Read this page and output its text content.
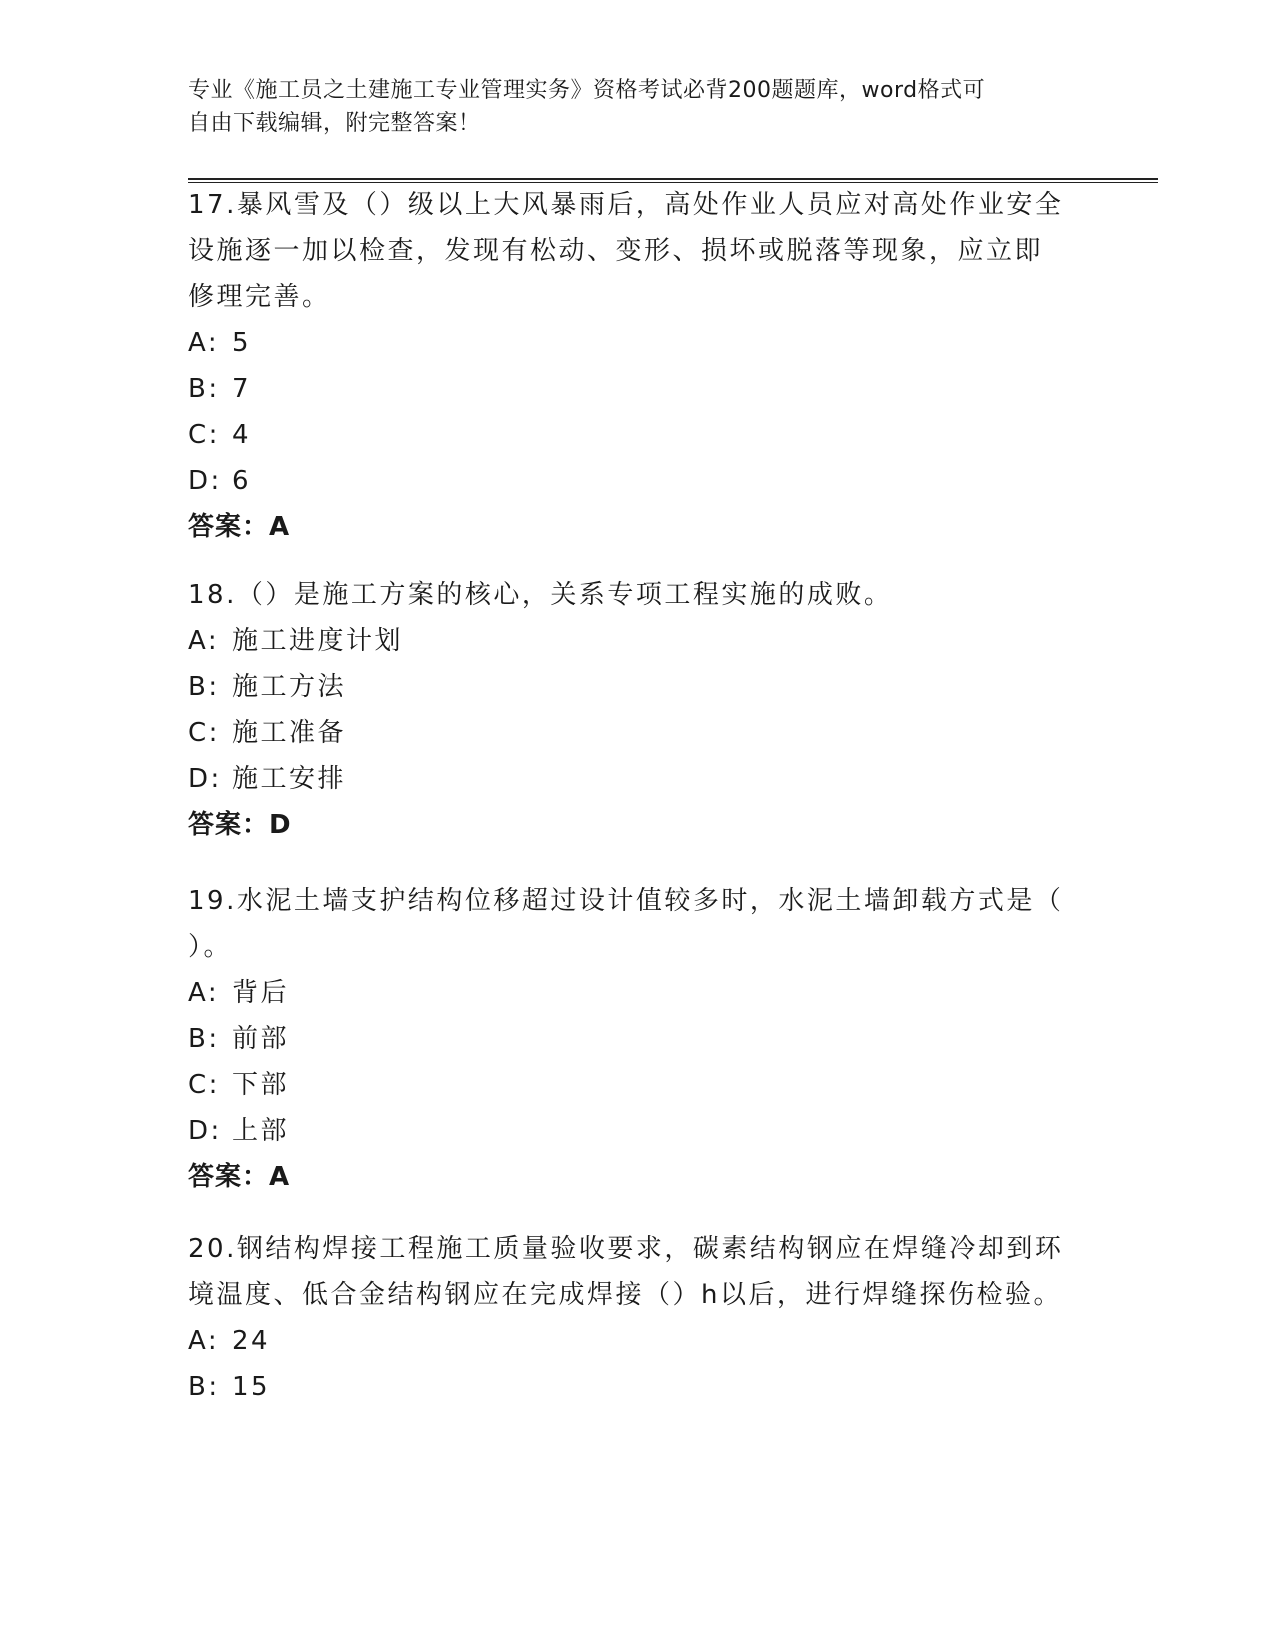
专业《施工员之土建施工专业管理实务》资格考试必背200题题库，word格式可
自由下载编辑，附完整答案！

17.暴风雪及（）级以上大风暴雨后，高处作业人员应对高处作业安全

设施逐一加以检查，发现有松动、变形、损坏或脱落等现象，应立即

修理完善。

A: 5

B: 7

C: 4

D: 6

答案：A

18.（）是施工方案的核心，关系专项工程实施的成败。

A: 施工进度计划

B: 施工方法

C: 施工准备

D: 施工安排

答案：D

19.水泥土墙支护结构位移超过设计值较多时，水泥土墙卸载方式是（

）。

A: 背后

B: 前部

C: 下部

D: 上部

答案：A

20.钢结构焊接工程施工质量验收要求，碳素结构钢应在焊缝冷却到环

境温度、低合金结构钢应在完成焊接（）h以后，进行焊缝探伤检验。

A: 24

B: 15
